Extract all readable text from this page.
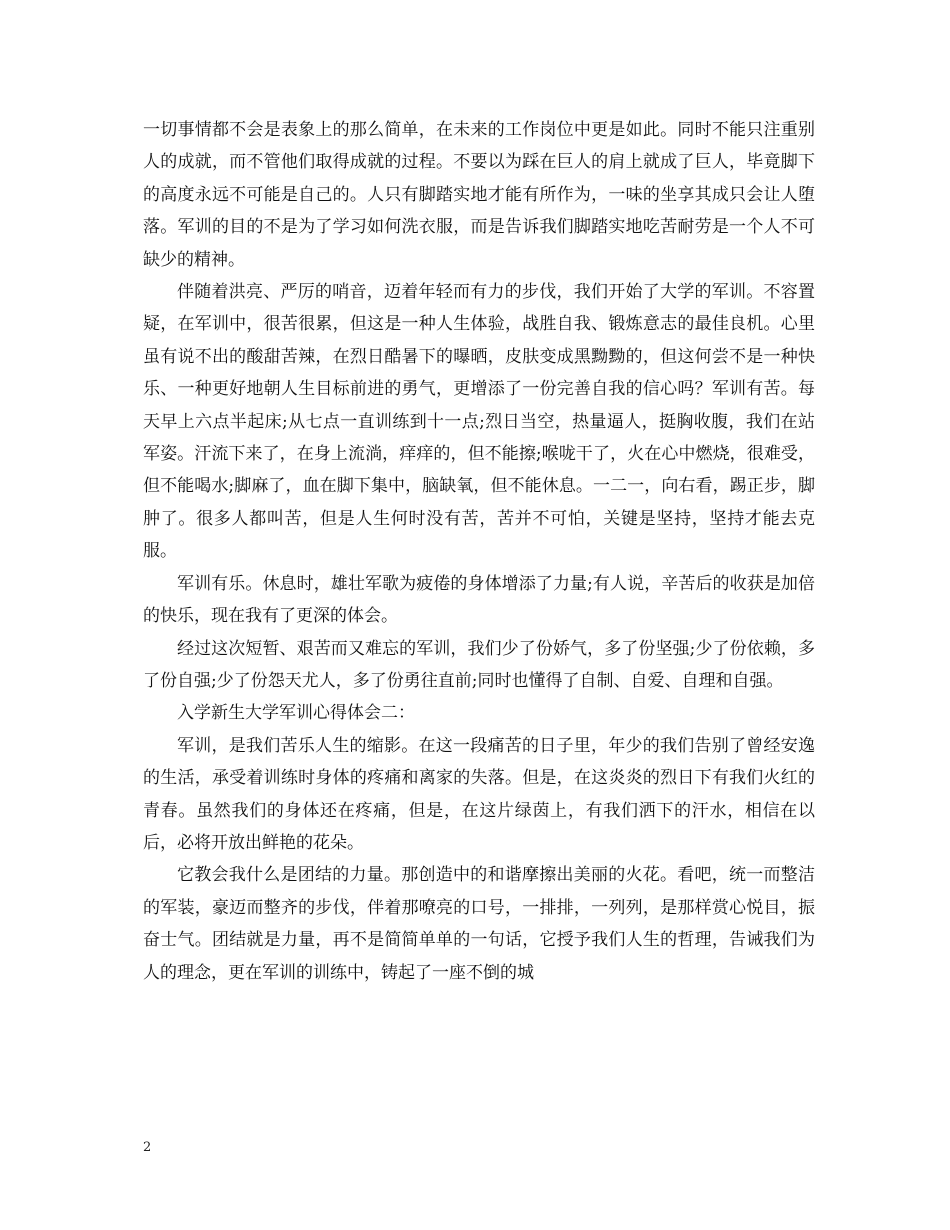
一切事情都不会是表象上的那么简单，在未来的工作岗位中更是如此。同时不能只注重别人的成就，而不管他们取得成就的过程。不要以为踩在巨人的肩上就成了巨人，毕竟脚下的高度永远不可能是自己的。人只有脚踏实地才能有所作为，一味的坐享其成只会让人堕落。军训的目的不是为了学习如何洗衣服，而是告诉我们脚踏实地吃苦耐劳是一个人不可缺少的精神。

伴随着洪亮、严厉的哨音，迈着年轻而有力的步伐，我们开始了大学的军训。不容置疑，在军训中，很苦很累，但这是一种人生体验，战胜自我、锻炼意志的最佳良机。心里虽有说不出的酸甜苦辣，在烈日酷暑下的曝晒，皮肤变成黑黝黝的，但这何尝不是一种快乐、一种更好地朝人生目标前进的勇气，更增添了一份完善自我的信心吗？军训有苦。每天早上六点半起床;从七点一直训练到十一点;烈日当空，热量逼人，挺胸收腹，我们在站军姿。汗流下来了，在身上流淌，痒痒的，但不能擦;喉咙干了，火在心中燃烧，很难受，但不能喝水;脚麻了，血在脚下集中，脑缺氧，但不能休息。一二一，向右看，踢正步，脚肿了。很多人都叫苦，但是人生何时没有苦，苦并不可怕，关键是坚持，坚持才能去克服。

军训有乐。休息时，雄壮军歌为疲倦的身体增添了力量;有人说，辛苦后的收获是加倍的快乐，现在我有了更深的体会。

经过这次短暂、艰苦而又难忘的军训，我们少了份娇气，多了份坚强;少了份依赖，多了份自强;少了份怨天尤人，多了份勇往直前;同时也懂得了自制、自爱、自理和自强。

入学新生大学军训心得体会二：

军训，是我们苦乐人生的缩影。在这一段痛苦的日子里，年少的我们告别了曾经安逸的生活，承受着训练时身体的疼痛和离家的失落。但是，在这炎炎的烈日下有我们火红的青春。虽然我们的身体还在疼痛，但是，在这片绿茵上，有我们洒下的汗水，相信在以后，必将开放出鲜艳的花朵。

它教会我什么是团结的力量。那创造中的和谐摩擦出美丽的火花。看吧，统一而整洁的军装，豪迈而整齐的步伐，伴着那嘹亮的口号，一排排，一列列，是那样赏心悦目，振奋士气。团结就是力量，再不是简简单单的一句话，它授予我们人生的哲理，告诫我们为人的理念，更在军训的训练中，铸起了一座不倒的城

2
